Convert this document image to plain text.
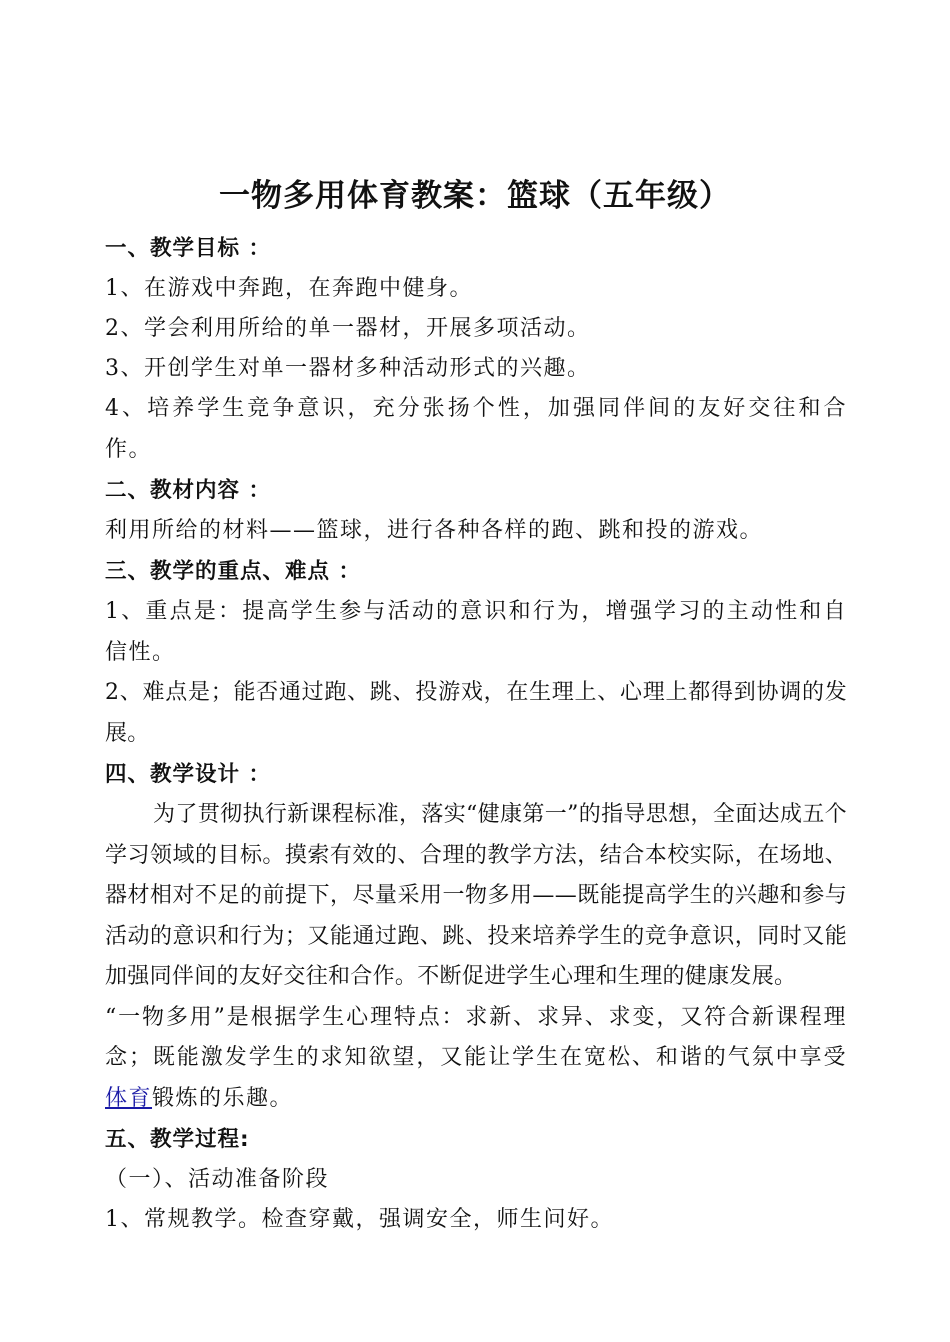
一物多用体育教案：篮球（五年级）
一、教学目标 ：
1、在游戏中奔跑，在奔跑中健身。
2、学会利用所给的单一器材，开展多项活动。
3、开创学生对单一器材多种活动形式的兴趣。
4、培养学生竞争意识，充分张扬个性，加强同伴间的友好交往和合作。
二、教材内容 ：
利用所给的材料——篮球，进行各种各样的跑、跳和投的游戏。
三、教学的重点、难点 ：
1、重点是：提高学生参与活动的意识和行为，增强学习的主动性和自信性。
2、难点是；能否通过跑、跳、投游戏，在生理上、心理上都得到协调的发展。
四、教学设计 ：
为了贯彻执行新课程标准，落实“健康第一”的指导思想，全面达成五个学习领域的目标。摸索有效的、合理的教学方法，结合本校实际，在场地、器材相对不足的前提下，尽量采用一物多用——既能提高学生的兴趣和参与活动的意识和行为；又能通过跑、跳、投来培养学生的竞争意识，同时又能加强同伴间的友好交往和合作。不断促进学生心理和生理的健康发展。
“一物多用”是根据学生心理特点：求新、求异、求变，又符合新课程理念；既能激发学生的求知欲望，又能让学生在宽松、和谐的气氛中享受体育锻炼的乐趣。
五、教学过程:
（一）、活动准备阶段
1、常规教学。检查穿戴，强调安全，师生问好。
